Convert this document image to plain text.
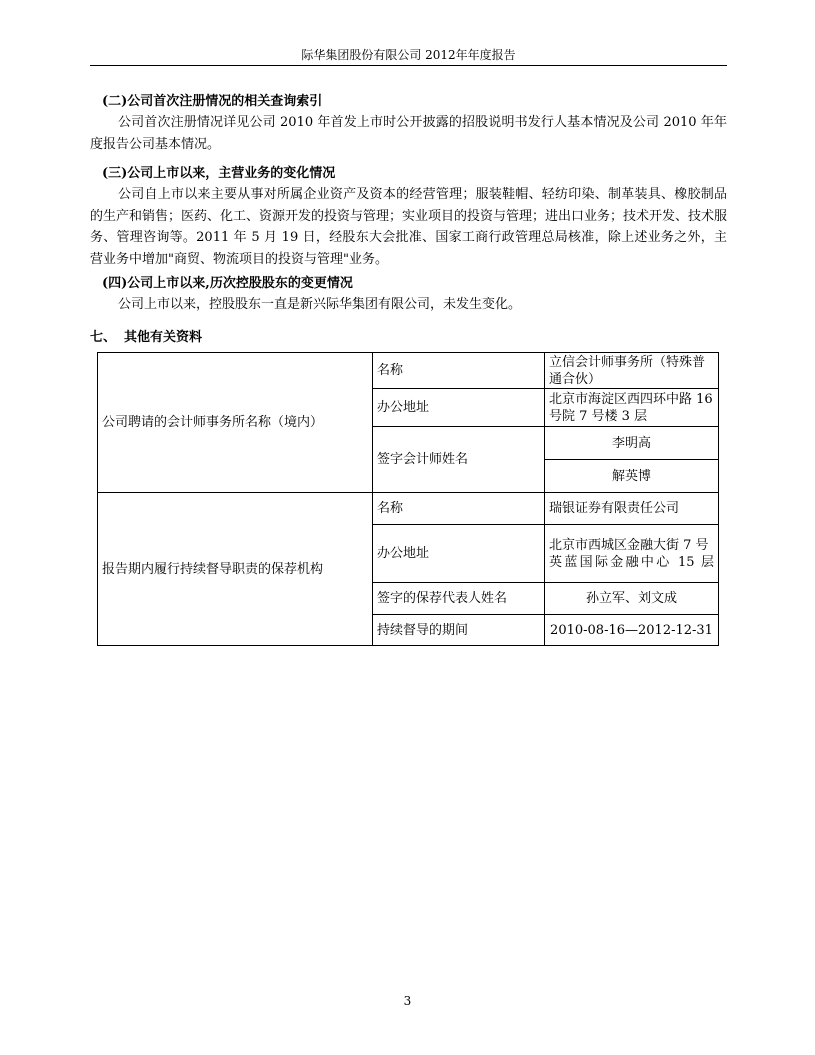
际华集团股份有限公司 2012年年度报告
(二)公司首次注册情况的相关查询索引
公司首次注册情况详见公司 2010 年首发上市时公开披露的招股说明书发行人基本情况及公司 2010 年年度报告公司基本情况。
(三)公司上市以来，主营业务的变化情况
公司自上市以来主要从事对所属企业资产及资本的经营管理；服装鞋帽、轻纺印染、制革装具、橡胶制品的生产和销售；医药、化工、资源开发的投资与管理；实业项目的投资与管理；进出口业务；技术开发、技术服务、管理咨询等。2011 年 5 月 19 日，经股东大会批准、国家工商行政管理总局核准，除上述业务之外，主营业务中增加"商贸、物流项目的投资与管理"业务。
(四)公司上市以来,历次控股股东的变更情况
公司上市以来，控股股东一直是新兴际华集团有限公司，未发生变化。
七、 其他有关资料
公司聘请的会计师事务所名称（境内）	名称	立信会计师事务所（特殊普通合伙）
	办公地址	北京市海淀区西四环中路 16 号院 7 号楼 3 层
	签字会计师姓名	李明高
		解英博
报告期内履行持续督导职责的保荐机构	名称	瑞银证券有限责任公司
	办公地址	北京市西城区金融大街 7 号英蓝国际金融中心 15 层
	签字的保荐代表人姓名	孙立军、刘文成
	持续督导的期间	2010-08-16—2012-12-31
3
